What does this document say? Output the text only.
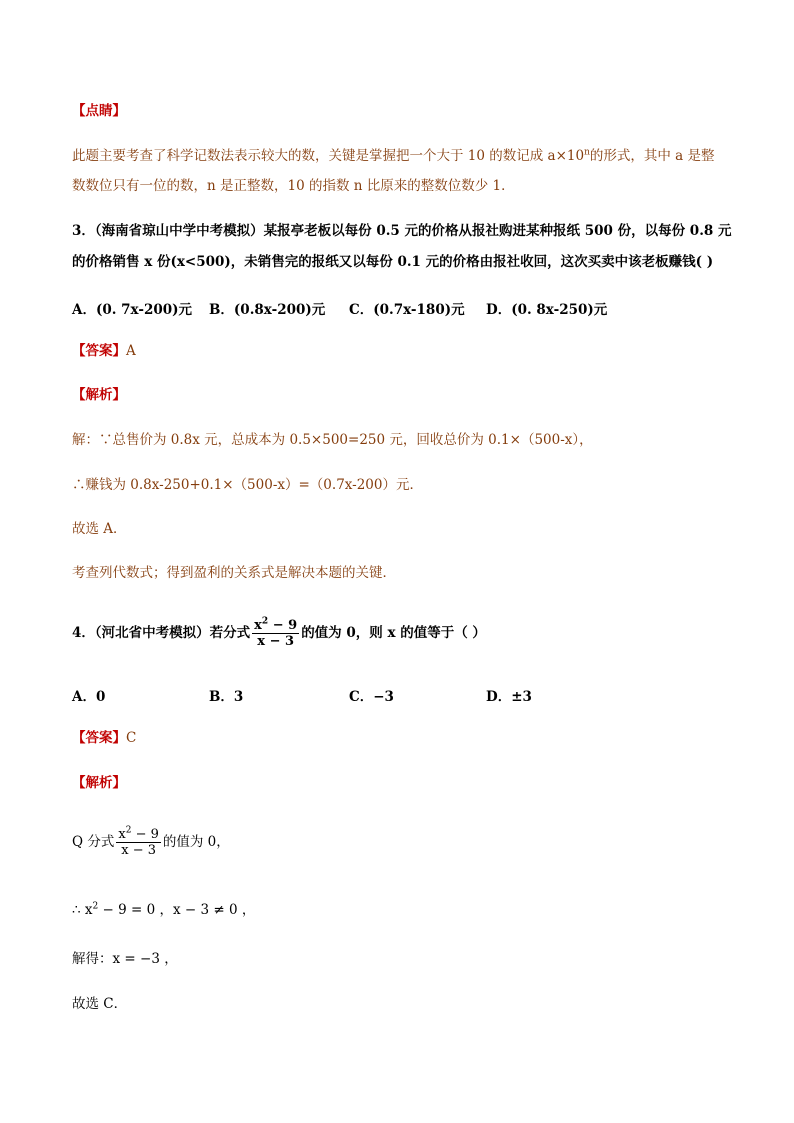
【点睛】
此题主要考查了科学记数法表示较大的数，关键是掌握把一个大于 10 的数记成 $a\times 10^n$的形式，其中 a 是整
数数位只有一位的数，n 是正整数，10 的指数 n 比原来的整数位数少 1．
3．（海南省琼山中学中考模拟）某报亭老板以每份 0.5 元的价格从报社购进某种报纸 500 份，以每份 0.8 元
的价格销售 x 份(x<500)，未销售完的报纸又以每份 0.1 元的价格由报社收回，这次买卖中该老板赚钱( )
A．(0. 7x-200)元 B．(0.8x-200)元 C．(0.7x-180)元 D．(0. 8x-250)元
【答案】A
【解析】
解：∵总售价为 0.8x 元，总成本为 0.5×500=250 元，回收总价为 0.1×（500-x），
∴赚钱为 0.8x-250+0.1×（500-x）=（0.7x-200）元．
故选 A．
考查列代数式；得到盈利的关系式是解决本题的关键．
4．（河北省中考模拟）若分式 $\frac{x^2 - 9}{x - 3}$ 的值为 0，则 x 的值等于（ ）
A．0	B．3	C．−3	D．±3
【答案】C
【解析】
Q 分式 $\frac{x^2 - 9}{x - 3}$ 的值为 0，
∴ $x^2 - 9 = 0$ ，x − 3 ≠ 0 ，
解得：x = −3 ，
故选 C．
